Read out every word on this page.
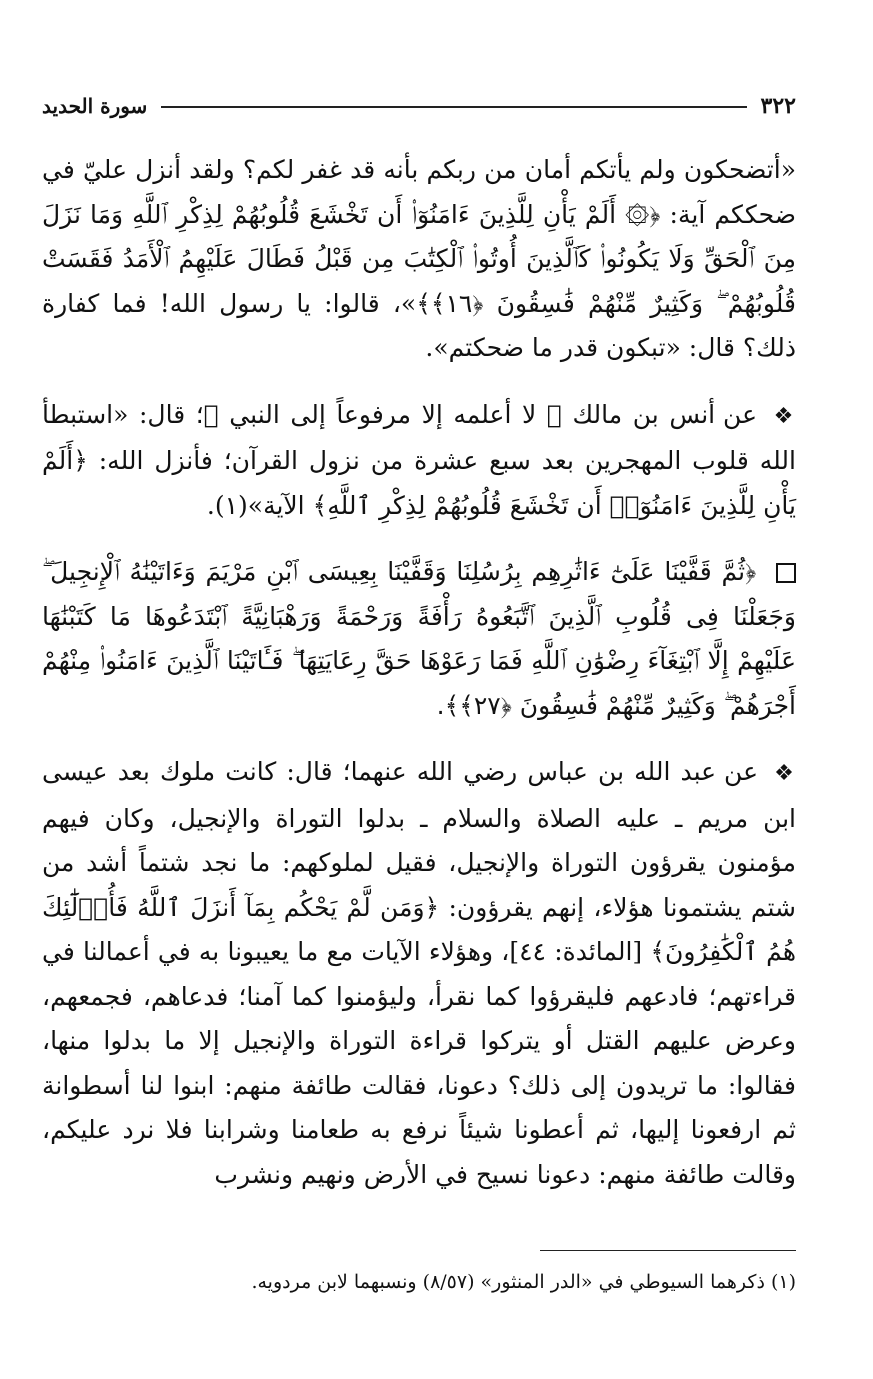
٣٢٢
سورة الحديد

«أتضحكون ولم يأتكم أمان من ربكم بأنه قد غفر لكم؟ ولقد أنزل عليّ في ضحككم آية: ﴿۞ أَلَمْ يَأْنِ لِلَّذِينَ ءَامَنُوٓا۟ أَن تَخْشَعَ قُلُوبُهُمْ لِذِكْرِ ٱللَّهِ وَمَا نَزَلَ مِنَ ٱلْحَقِّ وَلَا يَكُونُوا۟ كَٱلَّذِينَ أُوتُوا۟ ٱلْكِتَٰبَ مِن قَبْلُ فَطَالَ عَلَيْهِمُ ٱلْأَمَدُ فَقَسَتْ قُلُوبُهُمْ ۖ وَكَثِيرٌ مِّنْهُمْ فَٰسِقُونَ ﴿١٦﴾﴾»، قالوا: يا رسول الله! فما كفارة ذلك؟ قال: «تبكون قدر ما ضحكتم».

❖ عن أنس بن مالك ﷺ لا أعلمه إلا مرفوعاً إلى النبي ﷺ؛ قال: «استبطأ الله قلوب المهجرين بعد سبع عشرة من نزول القرآن؛ فأنزل الله: ﴿أَلَمْ يَأْنِ لِلَّذِينَ ءَامَنُوٓا۟ أَن تَخْشَعَ قُلُوبُهُمْ لِذِكْرِ ٱللَّهِ﴾ الآية»(١).

﴿ثُمَّ قَفَّيْنَا عَلَىٰٓ ءَاثَٰرِهِم بِرُسُلِنَا وَقَفَّيْنَا بِعِيسَى ٱبْنِ مَرْيَمَ وَءَاتَيْنَٰهُ ٱلْإِنجِيلَ ۖ وَجَعَلْنَا فِى قُلُوبِ ٱلَّذِينَ ٱتَّبَعُوهُ رَأْفَةً وَرَحْمَةً وَرَهْبَانِيَّةً ٱبْتَدَعُوهَا مَا كَتَبْنَٰهَا عَلَيْهِمْ إِلَّا ٱبْتِغَآءَ رِضْوَٰنِ ٱللَّهِ فَمَا رَعَوْهَا حَقَّ رِعَايَتِهَا ۖ فَـَٔاتَيْنَا ٱلَّذِينَ ءَامَنُوا۟ مِنْهُمْ أَجْرَهُمْ ۖ وَكَثِيرٌ مِّنْهُمْ فَٰسِقُونَ ﴿٢٧﴾﴾.

❖ عن عبد الله بن عباس رضي الله عنهما؛ قال: كانت ملوك بعد عيسى ابن مريم ـ عليه الصلاة والسلام ـ بدلوا التوراة والإنجيل، وكان فيهم مؤمنون يقرؤون التوراة والإنجيل، فقيل لملوكهم: ما نجد شتماً أشد من شتم يشتمونا هؤلاء، إنهم يقرؤون: ﴿وَمَن لَّمْ يَحْكُم بِمَآ أَنزَلَ ٱللَّهُ فَأُو۟لَٰٓئِكَ هُمُ ٱلْكَٰفِرُونَ﴾ [المائدة: ٤٤]، وهؤلاء الآيات مع ما يعيبونا به في أعمالنا في قراءتهم؛ فادعهم فليقرؤوا كما نقرأ، وليؤمنوا كما آمنا؛ فدعاهم، فجمعهم، وعرض عليهم القتل أو يتركوا قراءة التوراة والإنجيل إلا ما بدلوا منها، فقالوا: ما تريدون إلى ذلك؟ دعونا، فقالت طائفة منهم: ابنوا لنا أسطوانة ثم ارفعونا إليها، ثم أعطونا شيئاً نرفع به طعامنا وشرابنا فلا نرد عليكم، وقالت طائفة منهم: دعونا نسيح في الأرض ونهيم ونشرب

(١) ذكرهما السيوطي في «الدر المنثور» (٨/٥٧) ونسبهما لابن مردويه.
